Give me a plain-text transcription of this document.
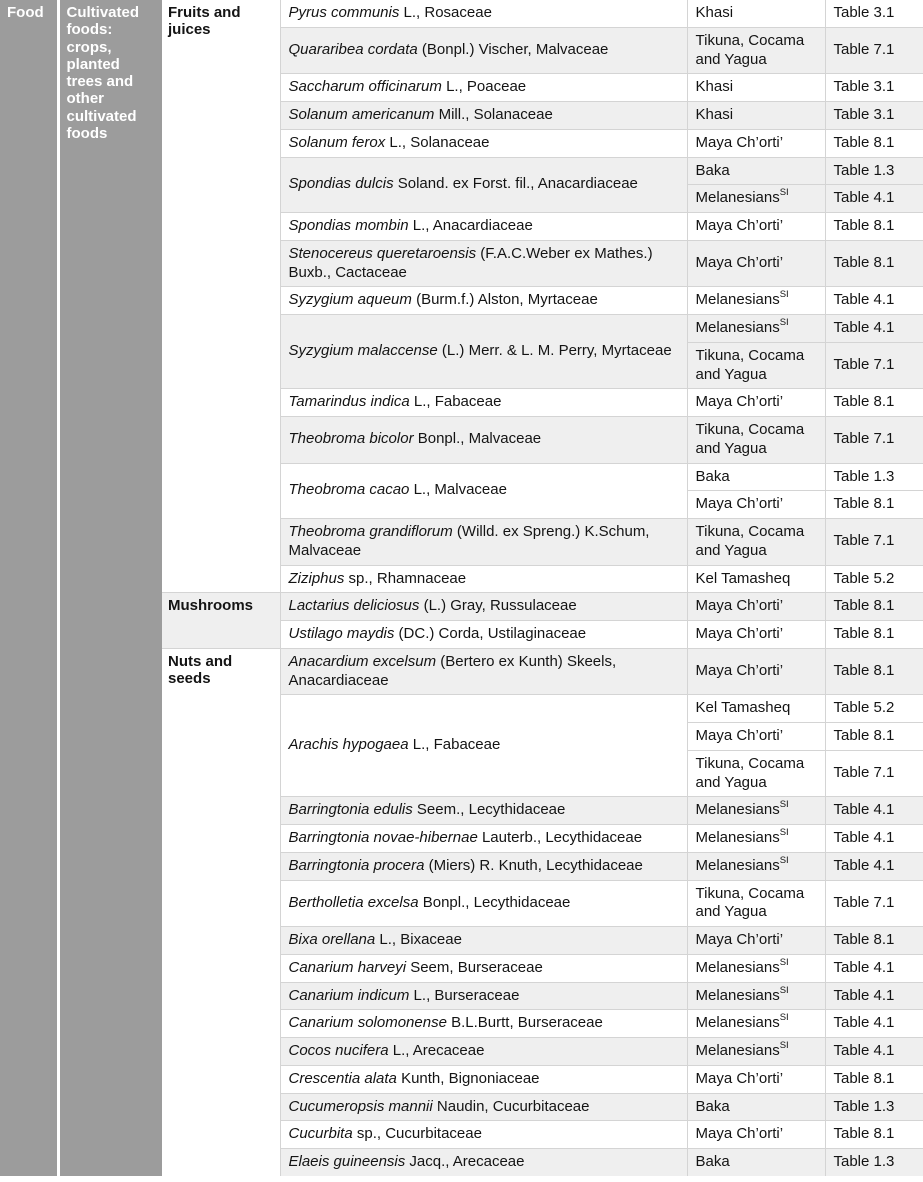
Food	Cultivated foods: crops, planted trees and other cultivated foods	Fruits and juices	Pyrus communis L., Rosaceae	Khasi	Table 3.1
			Quararibea cordata (Bonpl.) Vischer, Malvaceae	Tikuna, Cocama and Yagua	Table 7.1
			Saccharum officinarum L., Poaceae	Khasi	Table 3.1
			Solanum americanum Mill., Solanaceae	Khasi	Table 3.1
			Solanum ferox L., Solanaceae	Maya Ch’orti’	Table 8.1
			Spondias dulcis Soland. ex Forst. fil., Anacardiaceae	Baka	Table 1.3
				Melanesians$^{SI}$	Table 4.1
			Spondias mombin L., Anacardiaceae	Maya Ch’orti’	Table 8.1
			Stenocereus queretaroensis (F.A.C.Weber ex Mathes.) Buxb., Cactaceae	Maya Ch’orti’	Table 8.1
			Syzygium aqueum (Burm.f.) Alston, Myrtaceae	Melanesians$^{SI}$	Table 4.1
			Syzygium malaccense (L.) Merr. & L. M. Perry, Myrtaceae	Melanesians$^{SI}$	Table 4.1
				Tikuna, Cocama and Yagua	Table 7.1
			Tamarindus indica L., Fabaceae	Maya Ch’orti’	Table 8.1
			Theobroma bicolor Bonpl., Malvaceae	Tikuna, Cocama and Yagua	Table 7.1
			Theobroma cacao L., Malvaceae	Baka	Table 1.3
				Maya Ch’orti’	Table 8.1
			Theobroma grandiflorum (Willd. ex Spreng.) K.Schum, Malvaceae	Tikuna, Cocama and Yagua	Table 7.1
			Ziziphus sp., Rhamnaceae	Kel Tamasheq	Table 5.2
		Mushrooms	Lactarius deliciosus (L.) Gray, Russulaceae	Maya Ch’orti’	Table 8.1
			Ustilago maydis (DC.) Corda, Ustilaginaceae	Maya Ch’orti’	Table 8.1
		Nuts and seeds	Anacardium excelsum (Bertero ex Kunth) Skeels, Anacardiaceae	Maya Ch’orti’	Table 8.1
			Arachis hypogaea L., Fabaceae	Kel Tamasheq	Table 5.2
				Maya Ch’orti’	Table 8.1
				Tikuna, Cocama and Yagua	Table 7.1
			Barringtonia edulis Seem., Lecythidaceae	Melanesians$^{SI}$	Table 4.1
			Barringtonia novae-hibernae Lauterb., Lecythidaceae	Melanesians$^{SI}$	Table 4.1
			Barringtonia procera (Miers) R. Knuth, Lecythidaceae	Melanesians$^{SI}$	Table 4.1
			Bertholletia excelsa Bonpl., Lecythidaceae	Tikuna, Cocama and Yagua	Table 7.1
			Bixa orellana L., Bixaceae	Maya Ch’orti’	Table 8.1
			Canarium harveyi Seem, Burseraceae	Melanesians$^{SI}$	Table 4.1
			Canarium indicum L., Burseraceae	Melanesians$^{SI}$	Table 4.1
			Canarium solomonense B.L.Burtt, Burseraceae	Melanesians$^{SI}$	Table 4.1
			Cocos nucifera L., Arecaceae	Melanesians$^{SI}$	Table 4.1
			Crescentia alata Kunth, Bignoniaceae	Maya Ch’orti’	Table 8.1
			Cucumeropsis mannii Naudin, Cucurbitaceae	Baka	Table 1.3
			Cucurbita sp., Cucurbitaceae	Maya Ch’orti’	Table 8.1
			Elaeis guineensis Jacq., Arecaceae	Baka	Table 1.3
